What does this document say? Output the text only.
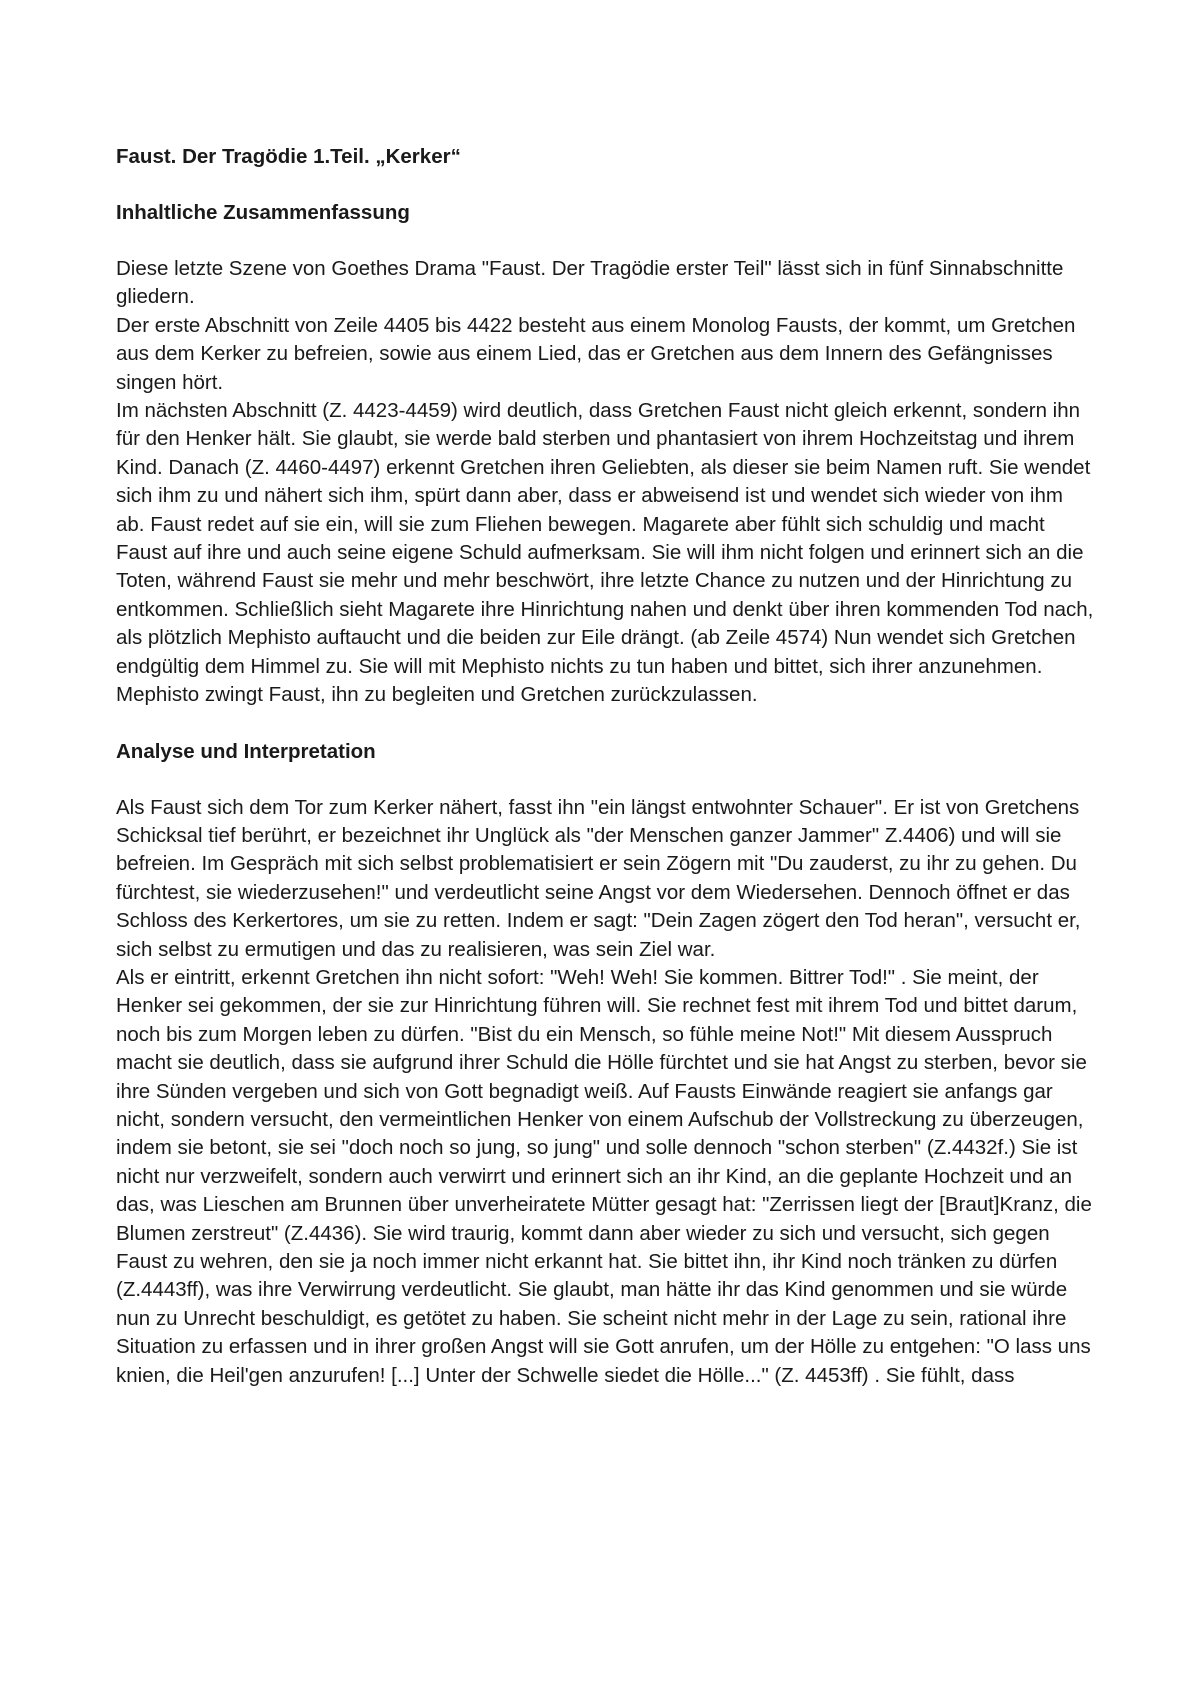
Faust. Der Tragödie 1.Teil. „Kerker“
Inhaltliche Zusammenfassung

Diese letzte Szene von Goethes Drama "Faust. Der Tragödie erster Teil" lässt sich in fünf Sinnabschnitte gliedern.

Der erste Abschnitt von Zeile 4405 bis 4422 besteht aus einem Monolog Fausts, der kommt, um Gretchen aus dem Kerker zu befreien, sowie aus einem Lied, das er Gretchen aus dem Innern des Gefängnisses singen hört.

Im nächsten Abschnitt (Z. 4423-4459) wird deutlich, dass Gretchen Faust nicht gleich erkennt, sondern ihn für den Henker hält. Sie glaubt, sie werde bald sterben und phantasiert von ihrem Hochzeitstag und ihrem Kind. Danach (Z. 4460-4497) erkennt Gretchen ihren Geliebten, als dieser sie beim Namen ruft. Sie wendet sich ihm zu und nähert sich ihm, spürt dann aber, dass er abweisend ist und wendet sich wieder von ihm ab. Faust redet auf sie ein, will sie zum Fliehen bewegen. Magarete aber fühlt sich schuldig und macht Faust auf ihre und auch seine eigene Schuld aufmerksam. Sie will ihm nicht folgen und erinnert sich an die Toten, während Faust sie mehr und mehr beschwört, ihre letzte Chance zu nutzen und der Hinrichtung zu entkommen. Schließlich sieht Magarete ihre Hinrichtung nahen und denkt über ihren kommenden Tod nach, als plötzlich Mephisto auftaucht und die beiden zur Eile drängt. (ab Zeile 4574) Nun wendet sich Gretchen endgültig dem Himmel zu. Sie will mit Mephisto nichts zu tun haben und bittet, sich ihrer anzunehmen. Mephisto zwingt Faust, ihn zu begleiten und Gretchen zurückzulassen.

Analyse und Interpretation

Als Faust sich dem Tor zum Kerker nähert, fasst ihn "ein längst entwohnter Schauer". Er ist von Gretchens Schicksal tief berührt, er bezeichnet ihr Unglück als "der Menschen ganzer Jammer" Z.4406) und will sie befreien. Im Gespräch mit sich selbst problematisiert er sein Zögern mit "Du zauderst, zu ihr zu gehen. Du fürchtest, sie wiederzusehen!" und verdeutlicht seine Angst vor dem Wiedersehen. Dennoch öffnet er das Schloss des Kerkertores, um sie zu retten. Indem er sagt: "Dein Zagen zögert den Tod heran", versucht er, sich selbst zu ermutigen und das zu realisieren, was sein Ziel war.

Als er eintritt, erkennt Gretchen ihn nicht sofort: "Weh! Weh! Sie kommen. Bittrer Tod!" . Sie meint, der Henker sei gekommen, der sie zur Hinrichtung führen will. Sie rechnet fest mit ihrem Tod und bittet darum, noch bis zum Morgen leben zu dürfen. "Bist du ein Mensch, so fühle meine Not!" Mit diesem Ausspruch macht sie deutlich, dass sie aufgrund ihrer Schuld die Hölle fürchtet und sie hat Angst zu sterben, bevor sie ihre Sünden vergeben und sich von Gott begnadigt weiß. Auf Fausts Einwände reagiert sie anfangs gar nicht, sondern versucht, den vermeintlichen Henker von einem Aufschub der Vollstreckung zu überzeugen, indem sie betont, sie sei "doch noch so jung, so jung" und solle dennoch "schon sterben" (Z.4432f.) Sie ist nicht nur verzweifelt, sondern auch verwirrt und erinnert sich an ihr Kind, an die geplante Hochzeit und an das, was Lieschen am Brunnen über unverheiratete Mütter gesagt hat: "Zerrissen liegt der [Braut]Kranz, die Blumen zerstreut" (Z.4436). Sie wird traurig, kommt dann aber wieder zu sich und versucht, sich gegen Faust zu wehren, den sie ja noch immer nicht erkannt hat. Sie bittet ihn, ihr Kind noch tränken zu dürfen (Z.4443ff), was ihre Verwirrung verdeutlicht. Sie glaubt, man hätte ihr das Kind genommen und sie würde nun zu Unrecht beschuldigt, es getötet zu haben. Sie scheint nicht mehr in der Lage zu sein, rational ihre Situation zu erfassen und in ihrer großen Angst will sie Gott anrufen, um der Hölle zu entgehen: "O lass uns knien, die Heil'gen anzurufen! [...] Unter der Schwelle siedet die Hölle..." (Z. 4453ff) . Sie fühlt, dass
